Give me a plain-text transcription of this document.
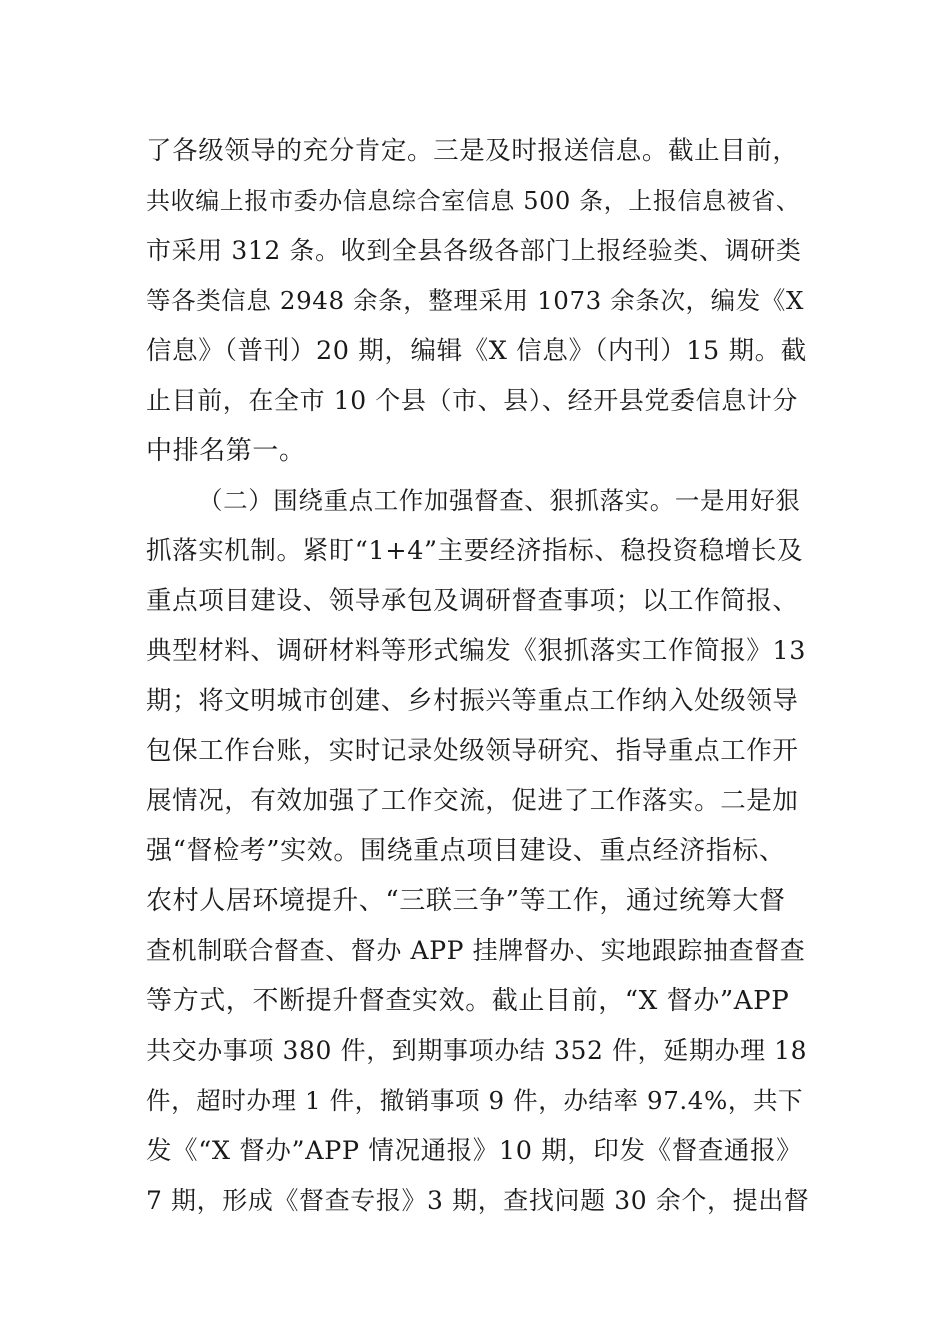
了各级领导的充分肯定。三是及时报送信息。截止目前，
共收编上报市委办信息综合室信息 500 条，上报信息被省、
市采用 312 条。收到全县各级各部门上报经验类、调研类
等各类信息 2948 余条，整理采用 1073 余条次，编发《X
信息》（普刊）20 期，编辑《X 信息》（内刊）15 期。截
止目前，在全市 10 个县（市、县）、经开县党委信息计分
中排名第一。
（二）围绕重点工作加强督查、狠抓落实。一是用好狠
抓落实机制。紧盯“1+4”主要经济指标、稳投资稳增长及
重点项目建设、领导承包及调研督查事项；以工作简报、
典型材料、调研材料等形式编发《狠抓落实工作简报》13
期；将文明城市创建、乡村振兴等重点工作纳入处级领导
包保工作台账，实时记录处级领导研究、指导重点工作开
展情况，有效加强了工作交流，促进了工作落实。二是加
强“督检考”实效。围绕重点项目建设、重点经济指标、
农村人居环境提升、“三联三争”等工作，通过统筹大督
查机制联合督查、督办 APP 挂牌督办、实地跟踪抽查督查
等方式，不断提升督查实效。截止目前，“X 督办”APP
共交办事项 380 件，到期事项办结 352 件，延期办理 18
件，超时办理 1 件，撤销事项 9 件，办结率 97.4%，共下
发《“X 督办”APP 情况通报》10 期，印发《督查通报》
7 期，形成《督查专报》3 期，查找问题 30 余个，提出督
